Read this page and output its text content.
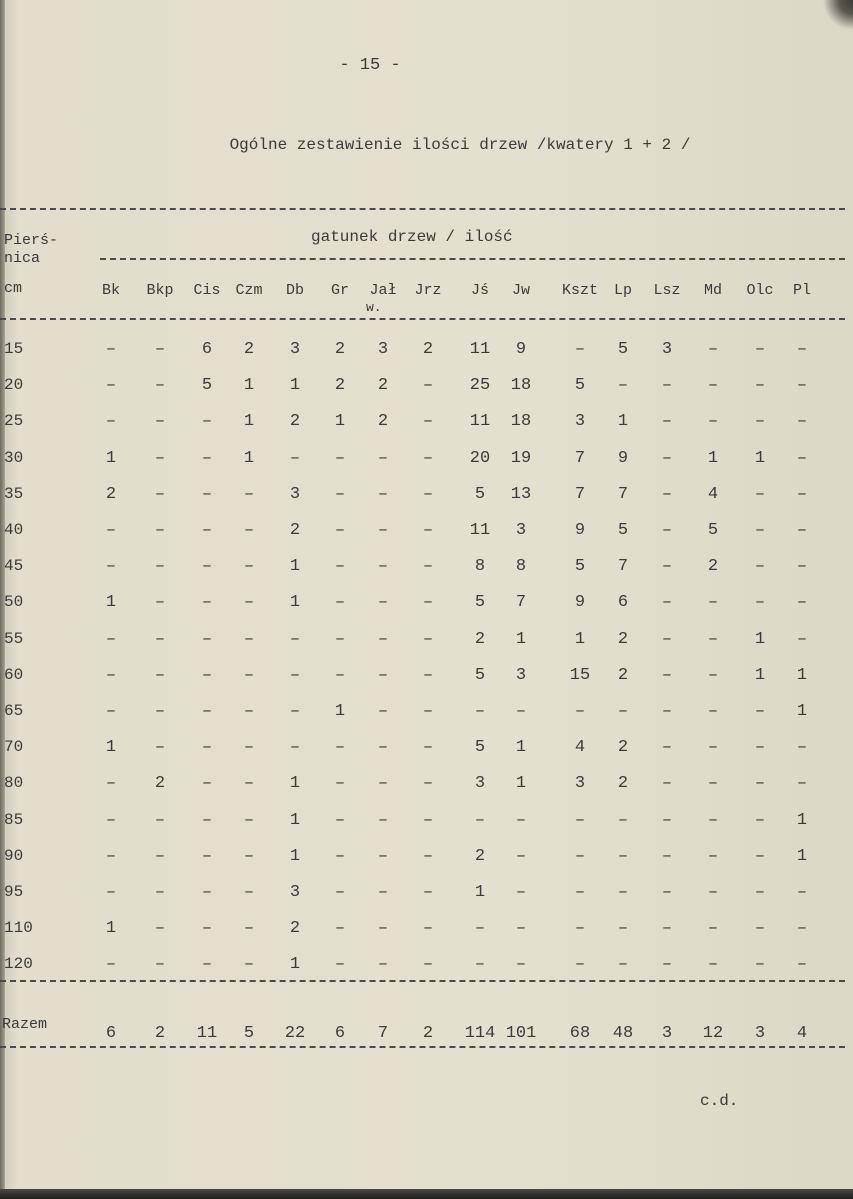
- 15 -
Ogólne zestawienie ilości drzew /kwatery 1 + 2 /
Pierś-
nica
cm
gatunek drzew / ilość
Bk	Bkp	Cis Czm	Db	Gr	Jał	Jrz	Jś	Jw	Kszt	Lp	Lsz	Md	Olc	Pl
w.
15	–	–	6	2	3	2	3	2	11	9	–	5	3	–	–	–
20	–	–	5	1	1	2	2	–	25	18	5	–	–	–	–	–
25	–	–	–	1	2	1	2	–	11	18	3	1	–	–	–	–
30	1	–	–	1	–	–	–	–	20	19	7	9	–	1	1	–
35	2	–	–	–	3	–	–	–	5	13	7	7	–	4	–	–
40	–	–	–	–	2	–	–	–	11	3	9	5	–	5	–	–
45	–	–	–	–	1	–	–	–	8	8	5	7	–	2	–	–
50	1	–	–	–	1	–	–	–	5	7	9	6	–	–	–	–
55	–	–	–	–	–	–	–	–	2	1	1	2	–	–	1	–
60	–	–	–	–	–	–	–	–	5	3	15	2	–	–	1	1
65	–	–	–	–	–	1	–	–	–	–	–	–	–	–	–	1
70	1	–	–	–	–	–	–	–	5	1	4	2	–	–	–	–
80	–	2	–	–	1	–	–	–	3	1	3	2	–	–	–	–
85	–	–	–	–	1	–	–	–	–	–	–	–	–	–	–	1
90	–	–	–	–	1	–	–	–	2	–	–	–	–	–	–	1
95	–	–	–	–	3	–	–	–	1	–	–	–	–	–	–	–
110	1	–	–	–	2	–	–	–	–	–	–	–	–	–	–	–
120	–	–	–	–	1	–	–	–	–	–	–	–	–	–	–	–
Razem	6	2	11	5	22	6	7	2	114 101	68	48	3	12	3	4
c.d.
